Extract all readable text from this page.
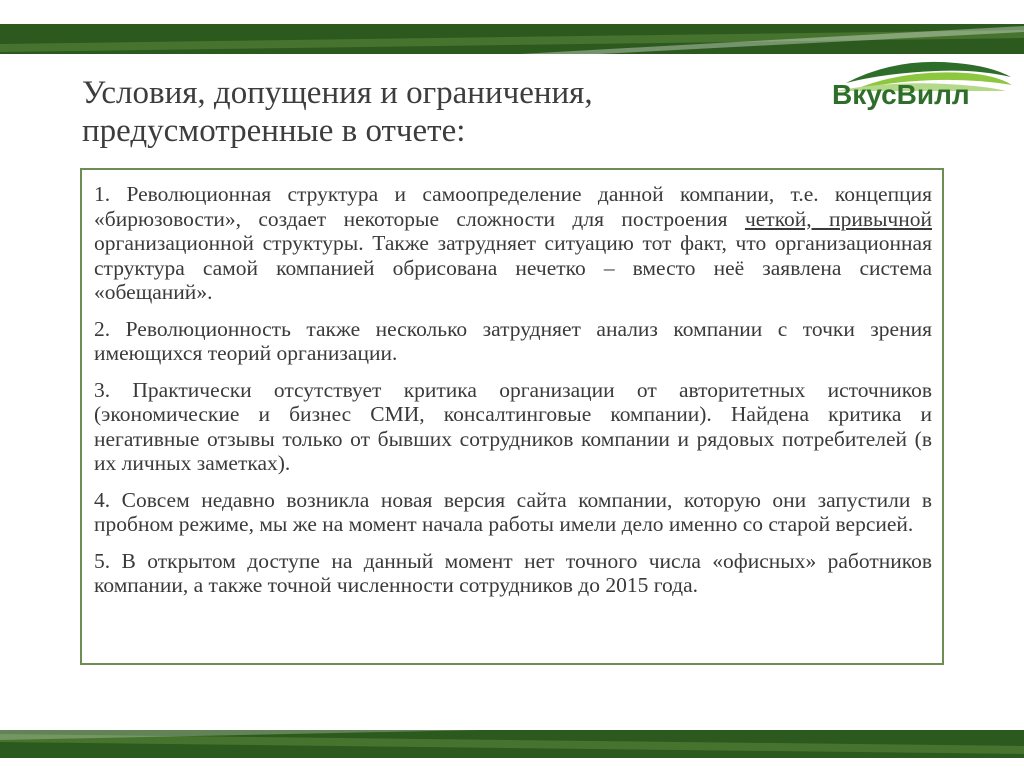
Условия, допущения и ограничения,
предусмотренные в отчете:
ВкусВилл

1. Революционная структура и самоопределение данной компании, т.е. концепция «бирюзовости», создает некоторые сложности для построения четкой, привычной организационной структуры. Также затрудняет ситуацию тот факт, что организационная структура самой компанией обрисована нечетко – вместо неё заявлена система «обещаний».

2. Революционность также несколько затрудняет анализ компании с точки зрения имеющихся теорий организации.

3. Практически отсутствует критика организации от авторитетных источников (экономические и бизнес СМИ, консалтинговые компании). Найдена критика и негативные отзывы только от бывших сотрудников компании и рядовых потребителей (в их личных заметках).

4. Совсем недавно возникла новая версия сайта компании, которую они запустили в пробном режиме, мы же на момент начала работы имели дело именно со старой версией.

5. В открытом доступе на данный момент нет точного числа «офисных» работников компании, а также точной численности сотрудников до 2015 года.
